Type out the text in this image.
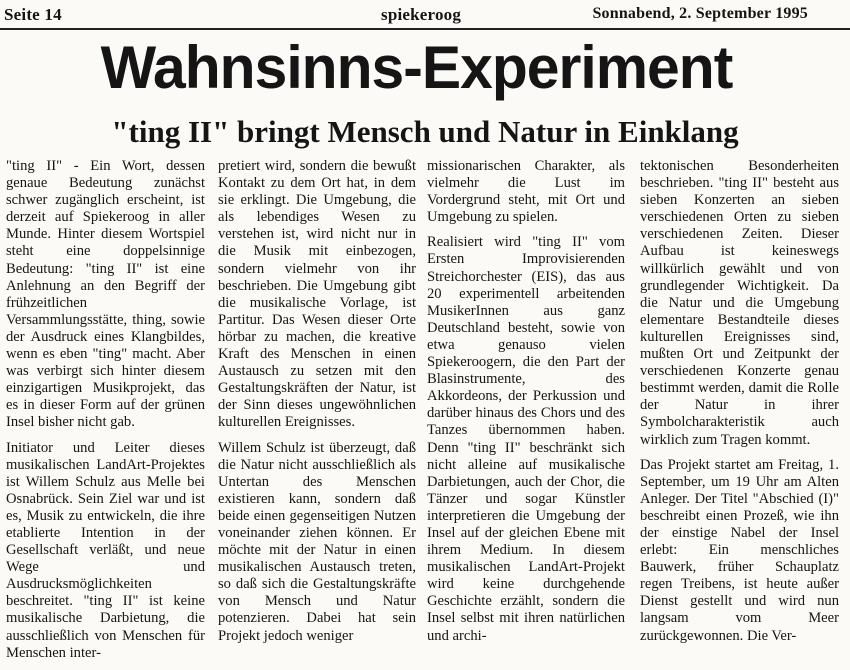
Seite 14	spiekeroog	Sonnabend, 2. September 1995
Wahnsinns-Experiment
"ting II" bringt Mensch und Natur in Einklang

"ting II" - Ein Wort, dessen genaue Bedeutung zunächst schwer zugänglich erscheint, ist derzeit auf Spiekeroog in aller Munde. Hinter diesem Wortspiel steht eine doppelsinnige Bedeutung: "ting II" ist eine Anlehnung an den Begriff der frühzeitlichen Versammlungsstätte, thing, sowie der Ausdruck eines Klangbildes, wenn es eben "ting" macht. Aber was verbirgt sich hinter diesem einzigartigen Musikprojekt, das es in dieser Form auf der grünen Insel bisher nicht gab.

Initiator und Leiter dieses musikalischen LandArt-Projektes ist Willem Schulz aus Melle bei Osnabrück. Sein Ziel war und ist es, Musik zu entwickeln, die ihre etablierte Intention in der Gesellschaft verläßt, und neue Wege und Ausdrucksmöglichkeiten beschreitet. "ting II" ist keine musikalische Darbietung, die ausschließlich von Menschen für Menschen inter-

pretiert wird, sondern die bewußt Kontakt zu dem Ort hat, in dem sie erklingt. Die Umgebung, die als lebendiges Wesen zu verstehen ist, wird nicht nur in die Musik mit einbezogen, sondern vielmehr von ihr beschrieben. Die Umgebung gibt die musikalische Vorlage, ist Partitur. Das Wesen dieser Orte hörbar zu machen, die kreative Kraft des Menschen in einen Austausch zu setzen mit den Gestaltungskräften der Natur, ist der Sinn dieses ungewöhnlichen kulturellen Ereignisses.

Willem Schulz ist überzeugt, daß die Natur nicht ausschließlich als Untertan des Menschen existieren kann, sondern daß beide einen gegenseitigen Nutzen voneinander ziehen können. Er möchte mit der Natur in einen musikalischen Austausch treten, so daß sich die Gestaltungskräfte von Mensch und Natur potenzieren. Dabei hat sein Projekt jedoch weniger

missionarischen Charakter, als vielmehr die Lust im Vordergrund steht, mit Ort und Umgebung zu spielen.

Realisiert wird "ting II" vom Ersten Improvisierenden Streichorchester (EIS), das aus 20 experimentell arbeitenden MusikerInnen aus ganz Deutschland besteht, sowie von etwa genauso vielen Spiekeroogern, die den Part der Blasinstrumente, des Akkordeons, der Perkussion und darüber hinaus des Chors und des Tanzes übernommen haben. Denn "ting II" beschränkt sich nicht alleine auf musikalische Darbietungen, auch der Chor, die Tänzer und sogar Künstler interpretieren die Umgebung der Insel auf der gleichen Ebene mit ihrem Medium. In diesem musikalischen LandArt-Projekt wird keine durchgehende Geschichte erzählt, sondern die Insel selbst mit ihren natürlichen und archi-

tektonischen Besonderheiten beschrieben. "ting II" besteht aus sieben Konzerten an sieben verschiedenen Orten zu sieben verschiedenen Zeiten. Dieser Aufbau ist keineswegs willkürlich gewählt und von grundlegender Wichtigkeit. Da die Natur und die Umgebung elementare Bestandteile dieses kulturellen Ereignisses sind, mußten Ort und Zeitpunkt der verschiedenen Konzerte genau bestimmt werden, damit die Rolle der Natur in ihrer Symbolcharakteristik auch wirklich zum Tragen kommt.

Das Projekt startet am Freitag, 1. September, um 19 Uhr am Alten Anleger. Der Titel "Abschied (I)" beschreibt einen Prozeß, wie ihn der einstige Nabel der Insel erlebt: Ein menschliches Bauwerk, früher Schauplatz regen Treibens, ist heute außer Dienst gestellt und wird nun langsam vom Meer zurückgewonnen. Die Ver-
